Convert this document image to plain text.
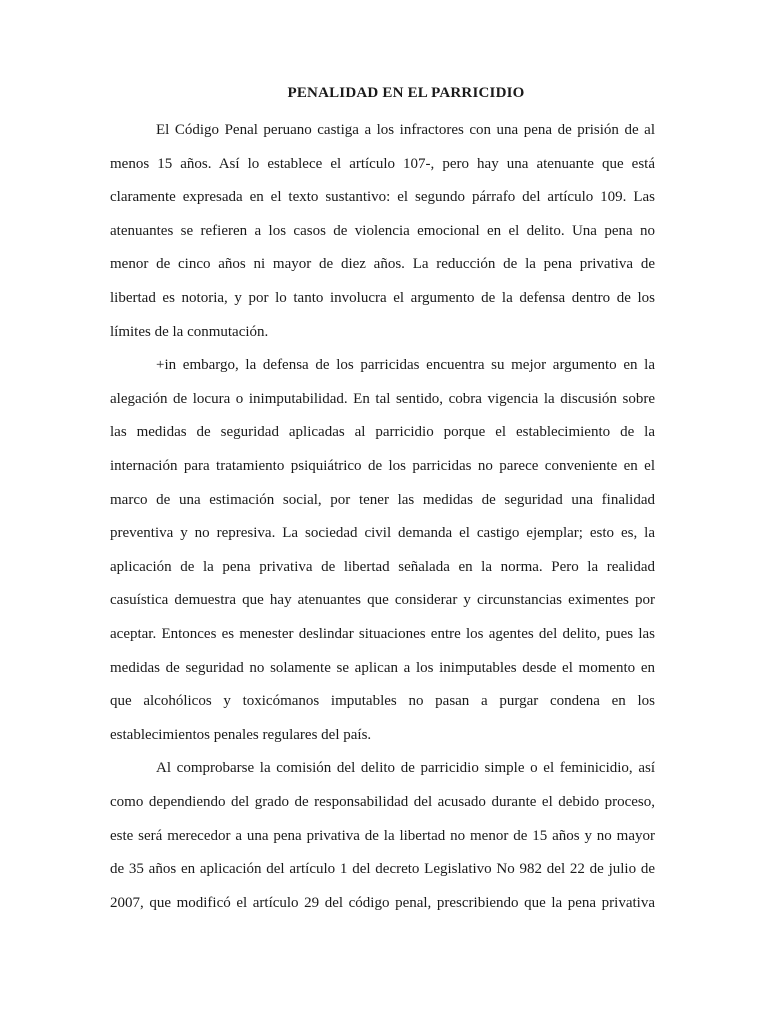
PENALIDAD EN EL PARRICIDIO
El Código Penal peruano castiga a los infractores con una pena de prisión de al
menos 15 años. Así lo establece el artículo 107-, pero hay una atenuante que está
claramente expresada en el texto sustantivo: el segundo párrafo del artículo 109. Las
atenuantes se refieren a los casos de violencia emocional en el delito. Una pena no
menor de cinco años ni mayor de diez años. La reducción de la pena privativa de
libertad es notoria, y por lo tanto involucra el argumento de la defensa dentro de los
límites de la conmutación.
+in embargo, la defensa de los parricidas encuentra su mejor argumento en la
alegación de locura o inimputabilidad. En tal sentido, cobra vigencia la discusión sobre
las medidas de seguridad aplicadas al parricidio porque el establecimiento de la
internación para tratamiento psiquiátrico de los parricidas no parece conveniente en el
marco de una estimación social, por tener las medidas de seguridad una finalidad
preventiva y no represiva. La sociedad civil demanda el castigo ejemplar; esto es, la
aplicación de la pena privativa de libertad señalada en la norma. Pero la realidad
casuística demuestra que hay atenuantes que considerar y circunstancias eximentes por
aceptar. Entonces es menester deslindar situaciones entre los agentes del delito, pues las
medidas de seguridad no solamente se aplican a los inimputables desde el momento en
que alcohólicos y toxicómanos imputables no pasan a purgar condena en los
establecimientos penales regulares del país.
Al comprobarse la comisión del delito de parricidio simple o el feminicidio, así
como dependiendo del grado de responsabilidad del acusado durante el debido proceso,
este será merecedor a una pena privativa de la libertad no menor de 15 años y no mayor
de 35 años en aplicación del artículo 1 del decreto Legislativo No 982 del 22 de julio de
2007, que modificó el artículo 29 del código penal, prescribiendo que la pena privativa
